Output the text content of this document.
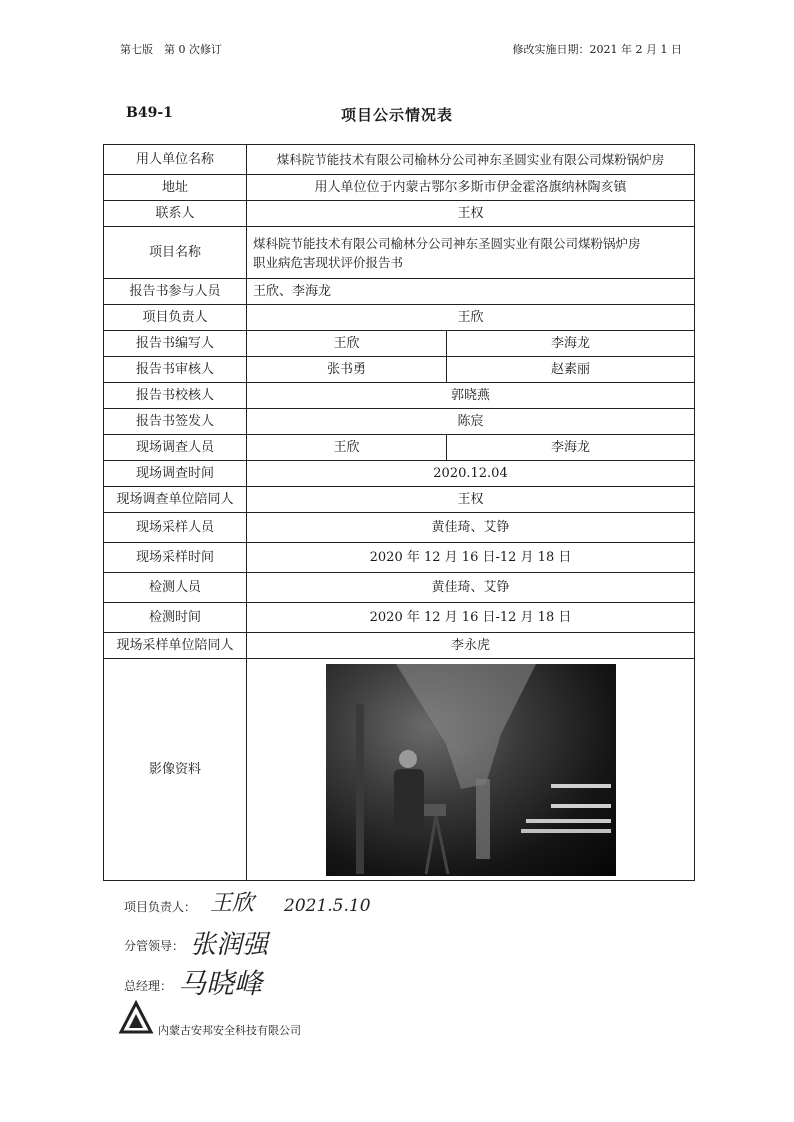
第七版　第 0 次修订	修改实施日期：2021 年 2 月 1 日
B49-1	项目公示情况表
用人单位名称	煤科院节能技术有限公司榆林分公司神东圣圆实业有限公司煤粉锅炉房	
地址	用人单位位于内蒙古鄂尔多斯市伊金霍洛旗纳林陶亥镇	
联系人	王权	
项目名称	煤科院节能技术有限公司榆林分公司神东圣圆实业有限公司煤粉锅炉房
职业病危害现状评价报告书	

报告书参与人员	王欣、李海龙	
项目负责人	王欣	
报告书编写人	王欣	李海龙
报告书审核人	张书勇	赵素丽
报告书校核人	郭晓燕	
报告书签发人	陈宸	
现场调查人员	王欣	李海龙
现场调查时间	2020.12.04	
现场调查单位陪同人	王权	
现场采样人员	黄佳琦、艾铮	
现场采样时间	2020 年 12 月 16 日-12 月 18 日	
检测人员	黄佳琦、艾铮	
检测时间	2020 年 12 月 16 日-12 月 18 日	
现场采样单位陪同人	李永虎	
影像资料	
项目负责人： 王欣 2021.5.10
分管领导： 张润强
总经理： 马晓峰
内蒙古安邦安全科技有限公司
